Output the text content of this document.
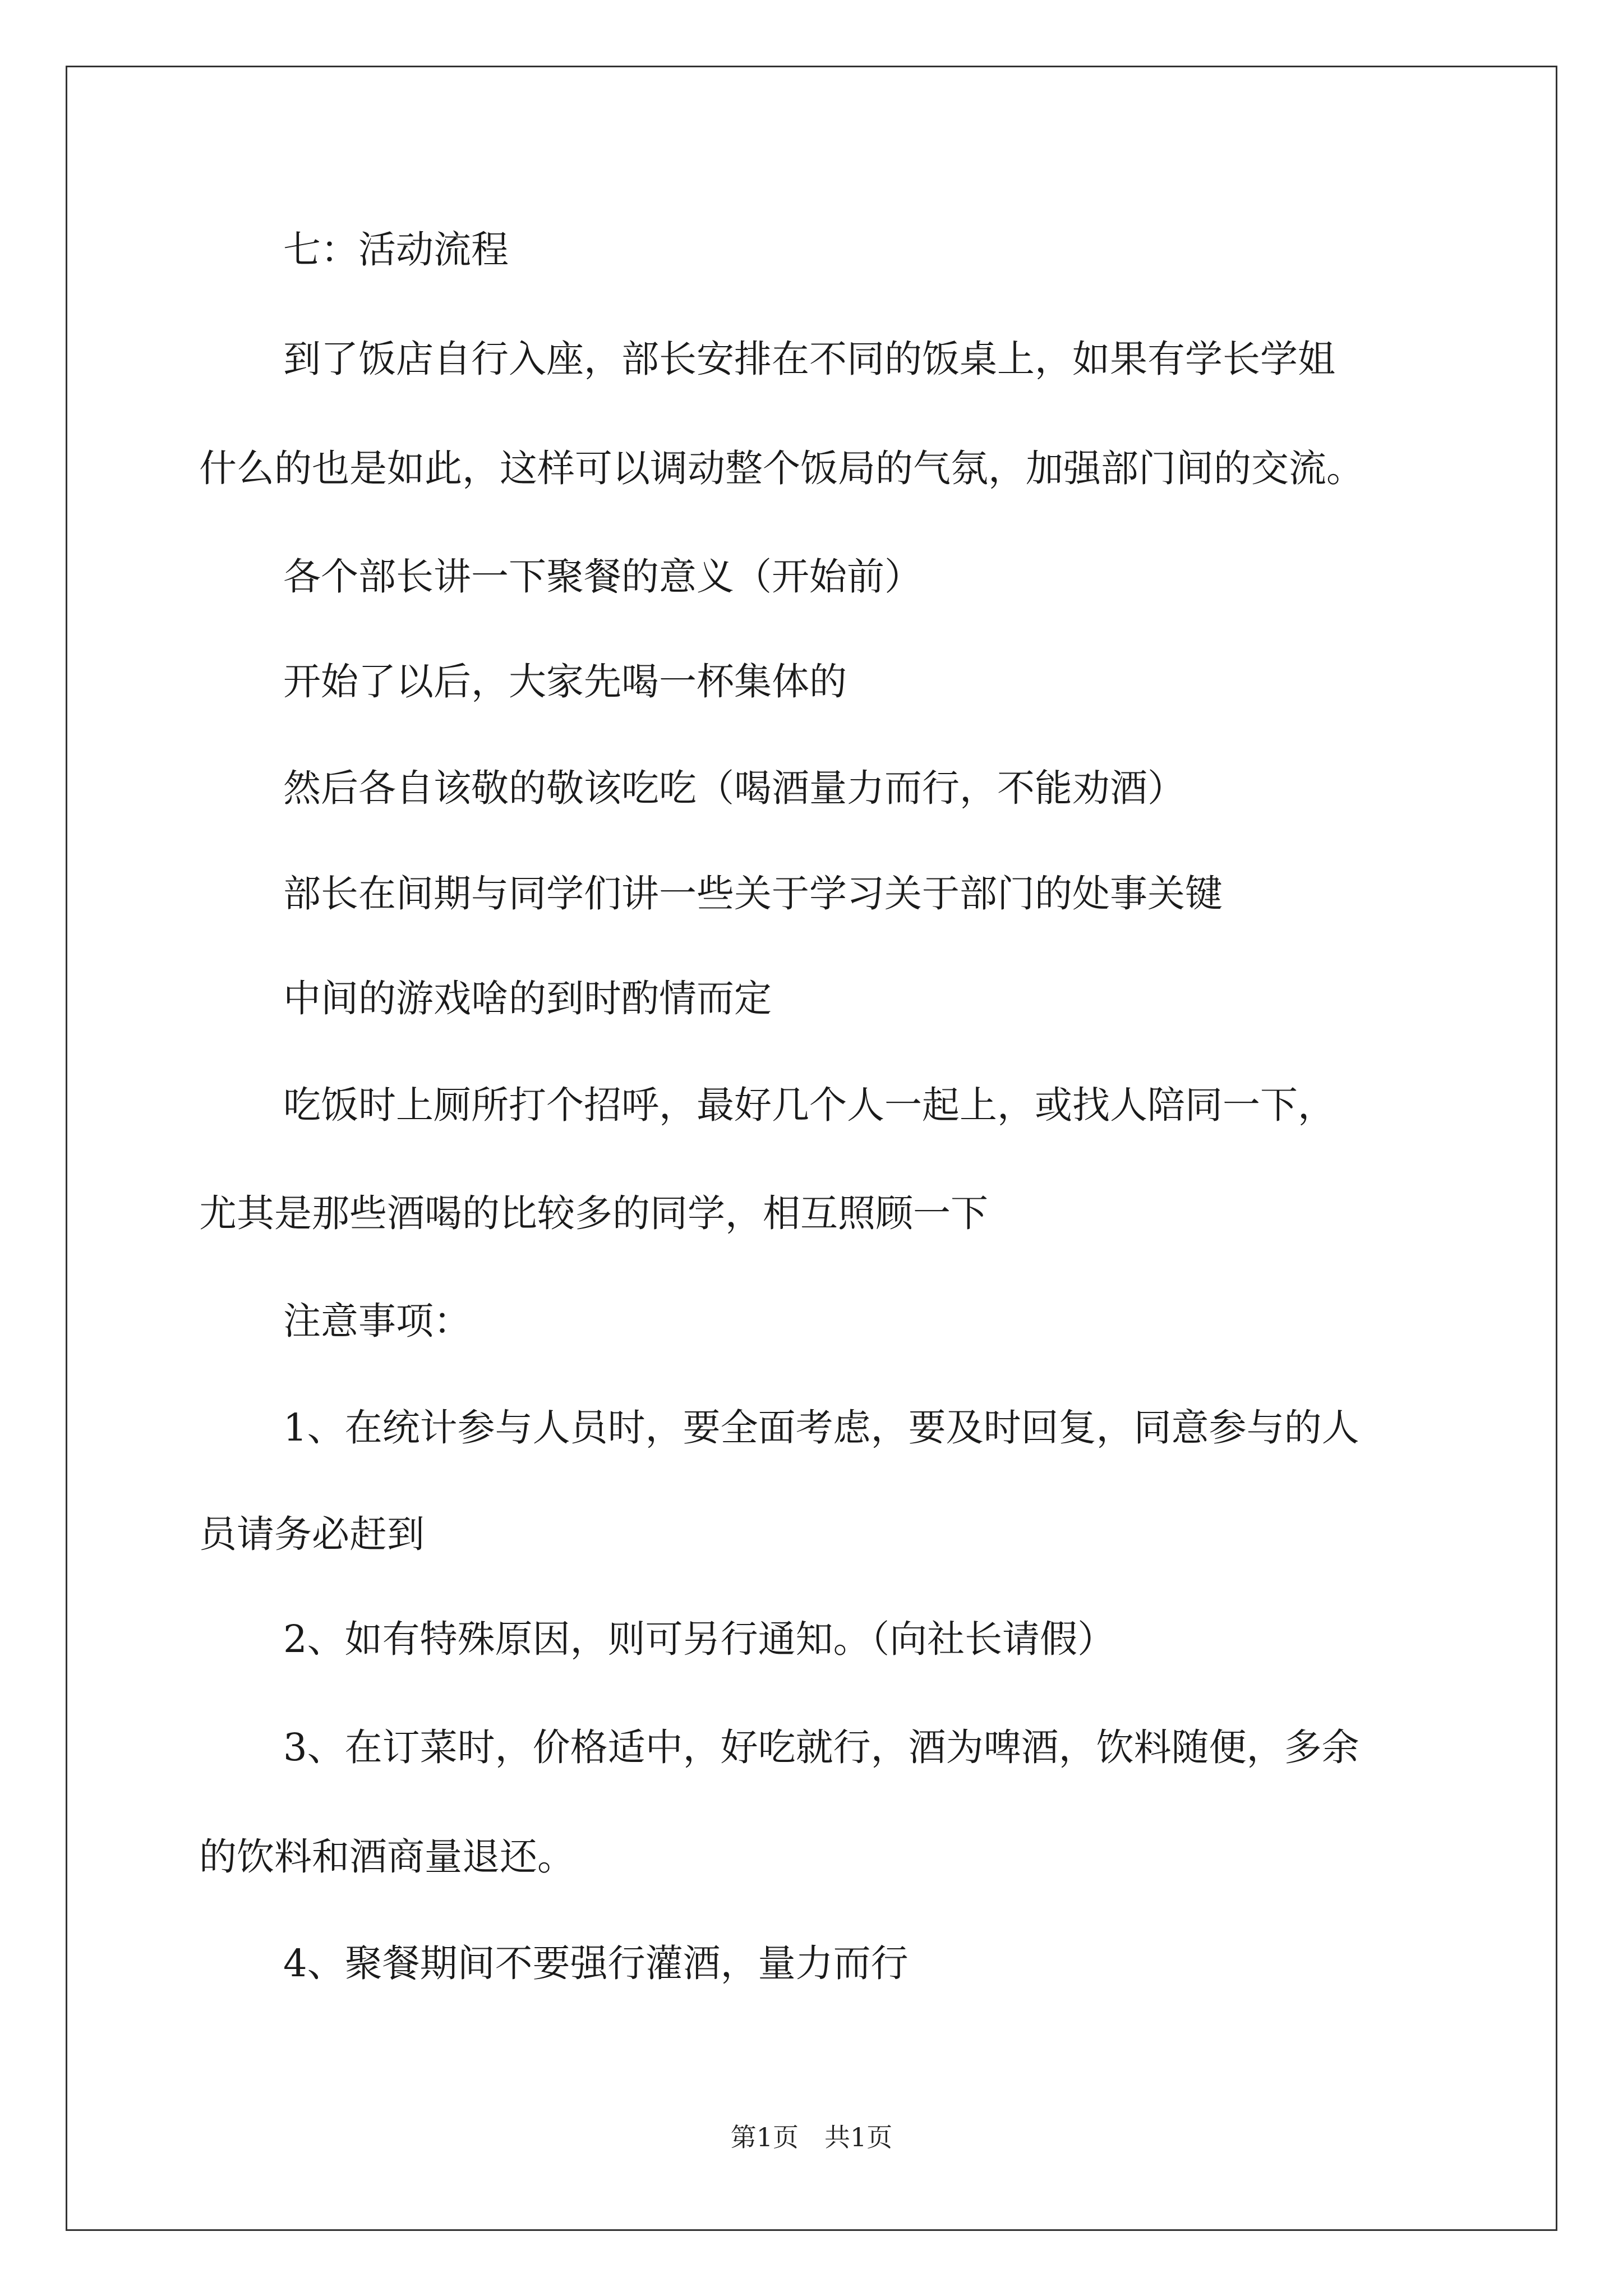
七：活动流程
到了饭店自行入座，部长安排在不同的饭桌上，如果有学长学姐
什么的也是如此，这样可以调动整个饭局的气氛，加强部门间的交流。
各个部长讲一下聚餐的意义（开始前）
开始了以后，大家先喝一杯集体的
然后各自该敬的敬该吃吃（喝酒量力而行，不能劝酒）
部长在间期与同学们讲一些关于学习关于部门的处事关键
中间的游戏啥的到时酌情而定
吃饭时上厕所打个招呼，最好几个人一起上，或找人陪同一下，
尤其是那些酒喝的比较多的同学，相互照顾一下
注意事项：
1、在统计参与人员时，要全面考虑，要及时回复，同意参与的人
员请务必赶到
2、如有特殊原因，则可另行通知。（向社长请假）
3、在订菜时，价格适中，好吃就行，酒为啤酒，饮料随便，多余
的饮料和酒商量退还。
4、聚餐期间不要强行灌酒，量力而行
第1页　共1页
